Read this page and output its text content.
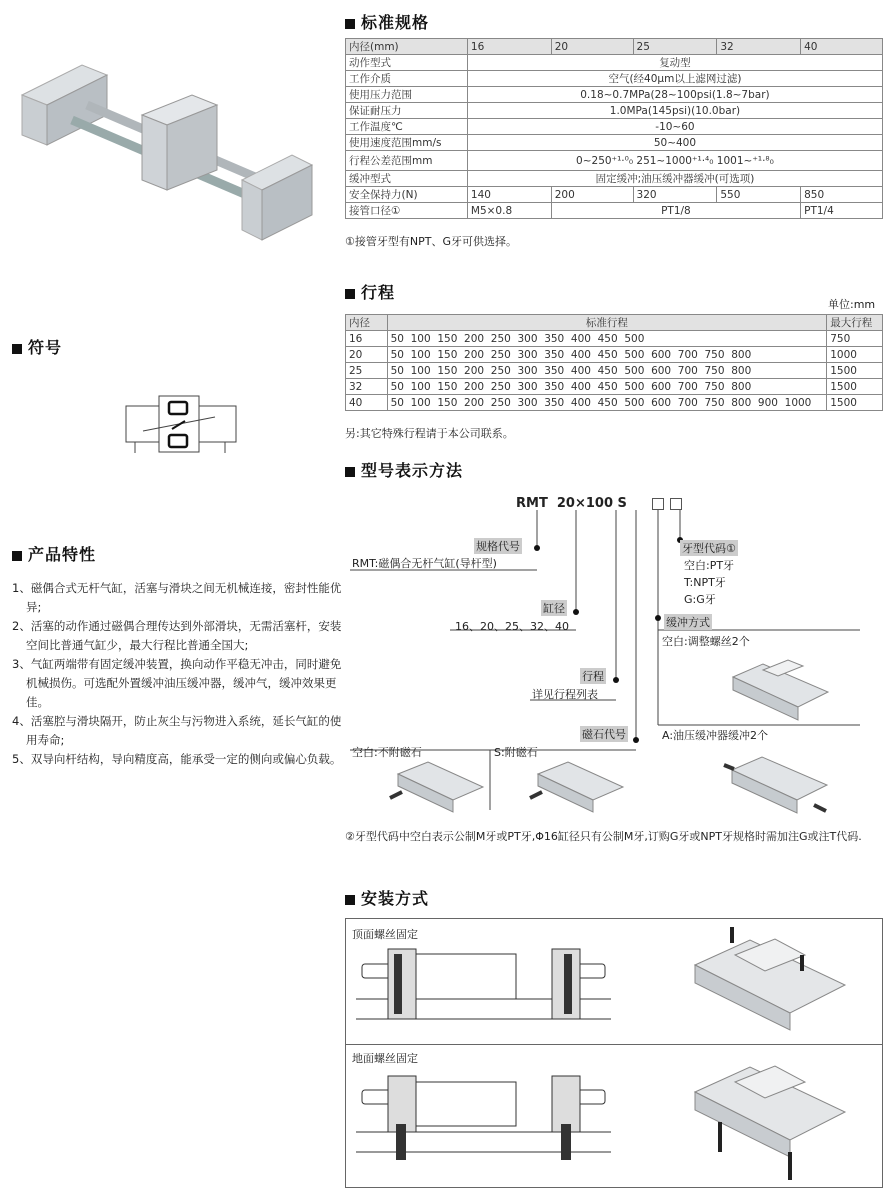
符号
产品特性
1、磁偶合式无杆气缸，活塞与滑块之间无机械连接，密封性能优异;
2、活塞的动作通过磁偶合理传达到外部滑块，无需活塞杆，安装空间比普通气缸少，最大行程比普通全国大;
3、气缸两端带有固定缓冲装置，换向动作平稳无冲击，同时避免机械损伤。可选配外置缓冲油压缓冲器，缓冲气，缓冲效果更佳。
4、活塞腔与滑块隔开，防止灰尘与污物进入系统，延长气缸的使用寿命;
5、双导向杆结构，导向精度高，能承受一定的侧向或偏心负载。
标准规格
内径(mm)	16	20	25	32	40
动作型式	复动型				
工作介质	空气(经40μm以上滤网过滤)				
使用压力范围	0.18~0.7MPa(28~100psi(1.8~7bar)				
保证耐压力	1.0MPa(145psi)(10.0bar)				
工作温度℃	-10~60				
使用速度范围mm/s	50~400				
行程公差范围mm	0~250⁺¹·⁰₀ 251~1000⁺¹·⁴₀ 1001~⁺¹·⁸₀				
缓冲型式	固定缓冲;油压缓冲器缓冲(可选项)				
安全保持力(N)	140	200	320	550	850
接管口径①	M5×0.8	PT1/8			PT1/4
①接管牙型有NPT、G牙可供选择。
行程
单位:mm
内径	标准行程	最大行程
16	50  100  150  200  250  300  350  400  450  500	750
20	50  100  150  200  250  300  350  400  450  500  600  700  750  800	1000
25	50  100  150  200  250  300  350  400  450  500  600  700  750  800	1500
32	50  100  150  200  250  300  350  400  450  500  600  700  750  800	1500
40	50  100  150  200  250  300  350  400  450  500  600  700  750  800  900  1000	1500
另:其它特殊行程请于本公司联系。
型号表示方法
RMT  20×100 S
规格代号
RMT:磁偶合无杆气缸(导杆型)
缸径
16、20、25、32、40
行程
详见行程列表
磁石代号
空白:不附磁石	S:附磁石
牙型代码①
空白:PT牙
T:NPT牙
G:G牙
缓冲方式
空白:调整螺丝2个
A:油压缓冲器缓冲2个
②牙型代码中空白表示公制M牙或PT牙,Φ16缸径只有公制M牙,订购G牙或NPT牙规格时需加注G或注T代码.
安装方式
顶面螺丝固定
地面螺丝固定
